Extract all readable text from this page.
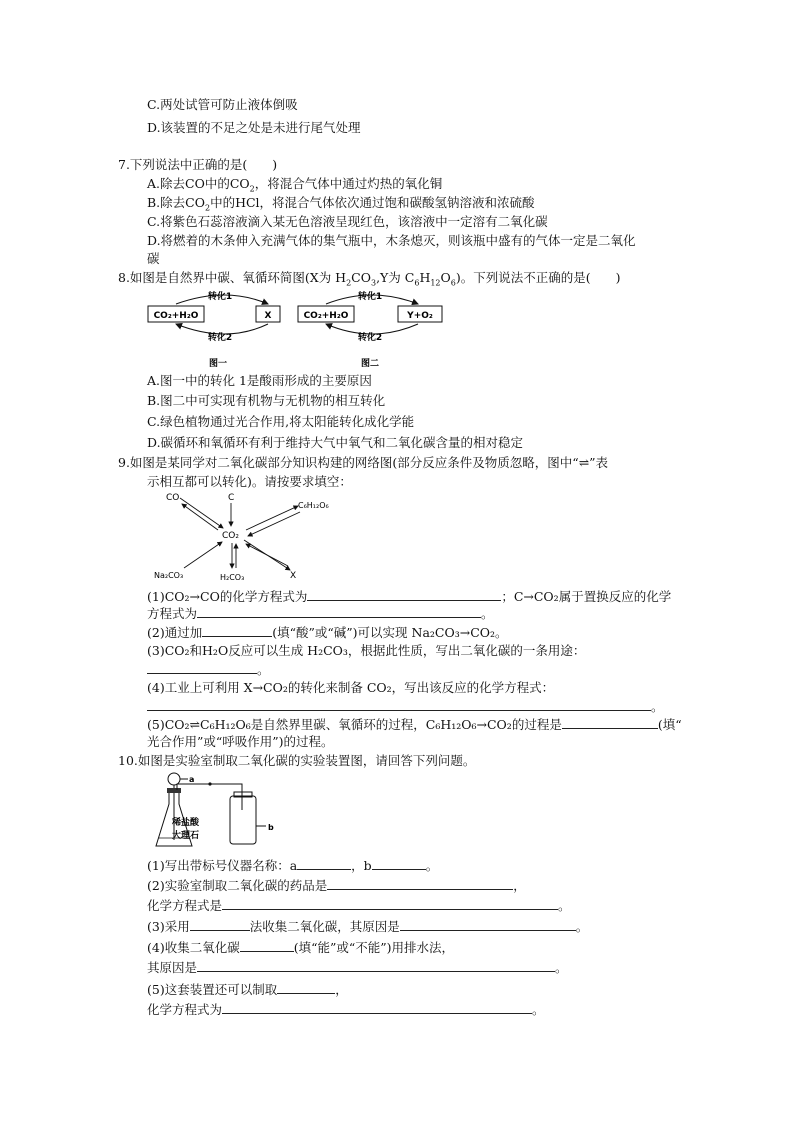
C.两处试管可防止液体倒吸
D.该装置的不足之处是未进行尾气处理
7.下列说法中正确的是(　　)
A.除去CO中的$CO_2$，将混合气体中通过灼热的氧化铜
B.除去$CO_2$中的HCl，将混合气体依次通过饱和碳酸氢钠溶液和浓硫酸
C.将紫色石蕊溶液滴入某无色溶液呈现红色，该溶液中一定溶有二氧化碳
D.将燃着的木条伸入充满气体的集气瓶中，木条熄灭，则该瓶中盛有的气体一定是二氧化
碳
8.如图是自然界中碳、氧循环简图(X为 $H_2CO_3,Y$为 $C_6H_{12}O_6$)。下列说法不正确的是(　　)
CO₂+H₂O	X
转化1
转化2
图一
CO₂+H₂O	Y+O₂
转化1
转化2
图二
A.图一中的转化 1是酸雨形成的主要原因
B.图二中可实现有机物与无机物的相互转化
C.绿色植物通过光合作用,将太阳能转化成化学能
D.碳循环和氧循环有利于维持大气中氧气和二氧化碳含量的相对稳定
9.如图是某同学对二氧化碳部分知识构建的网络图(部分反应条件及物质忽略，图中“⇌”表
示相互都可以转化)。请按要求填空：
CO	C
C₆H₁₂O₆
CO₂
Na₂CO₃	H₂CO₃	X
(1)CO₂→CO的化学方程式为	；C→CO₂属于置换反应的化学
方程式为	。
(2)通过加	(填“酸”或“碱”)可以实现 Na₂CO₃→CO₂。
(3)CO₂和H₂O反应可以生成 H₂CO₃，根据此性质，写出二氧化碳的一条用途：
。
(4)工业上可利用 X→CO₂的转化来制备 CO₂，写出该反应的化学方程式：
。
(5)CO₂⇌C₆H₁₂O₆是自然界里碳、氧循环的过程，C₆H₁₂O₆→CO₂的过程是	(填“
光合作用”或“呼吸作用”)的过程。
10.如图是实验室制取二氧化碳的实验装置图，请回答下列问题。
a
b
稀盐酸
大理石
(1)写出带标号仪器名称：a	，b	。
(2)实验室制取二氧化碳的药品是	，
化学方程式是	。
(3)采用	法收集二氧化碳，其原因是	。
(4)收集二氧化碳	(填“能”或“不能”)用排水法，
其原因是	。
(5)这套装置还可以制取	，
化学方程式为	。
